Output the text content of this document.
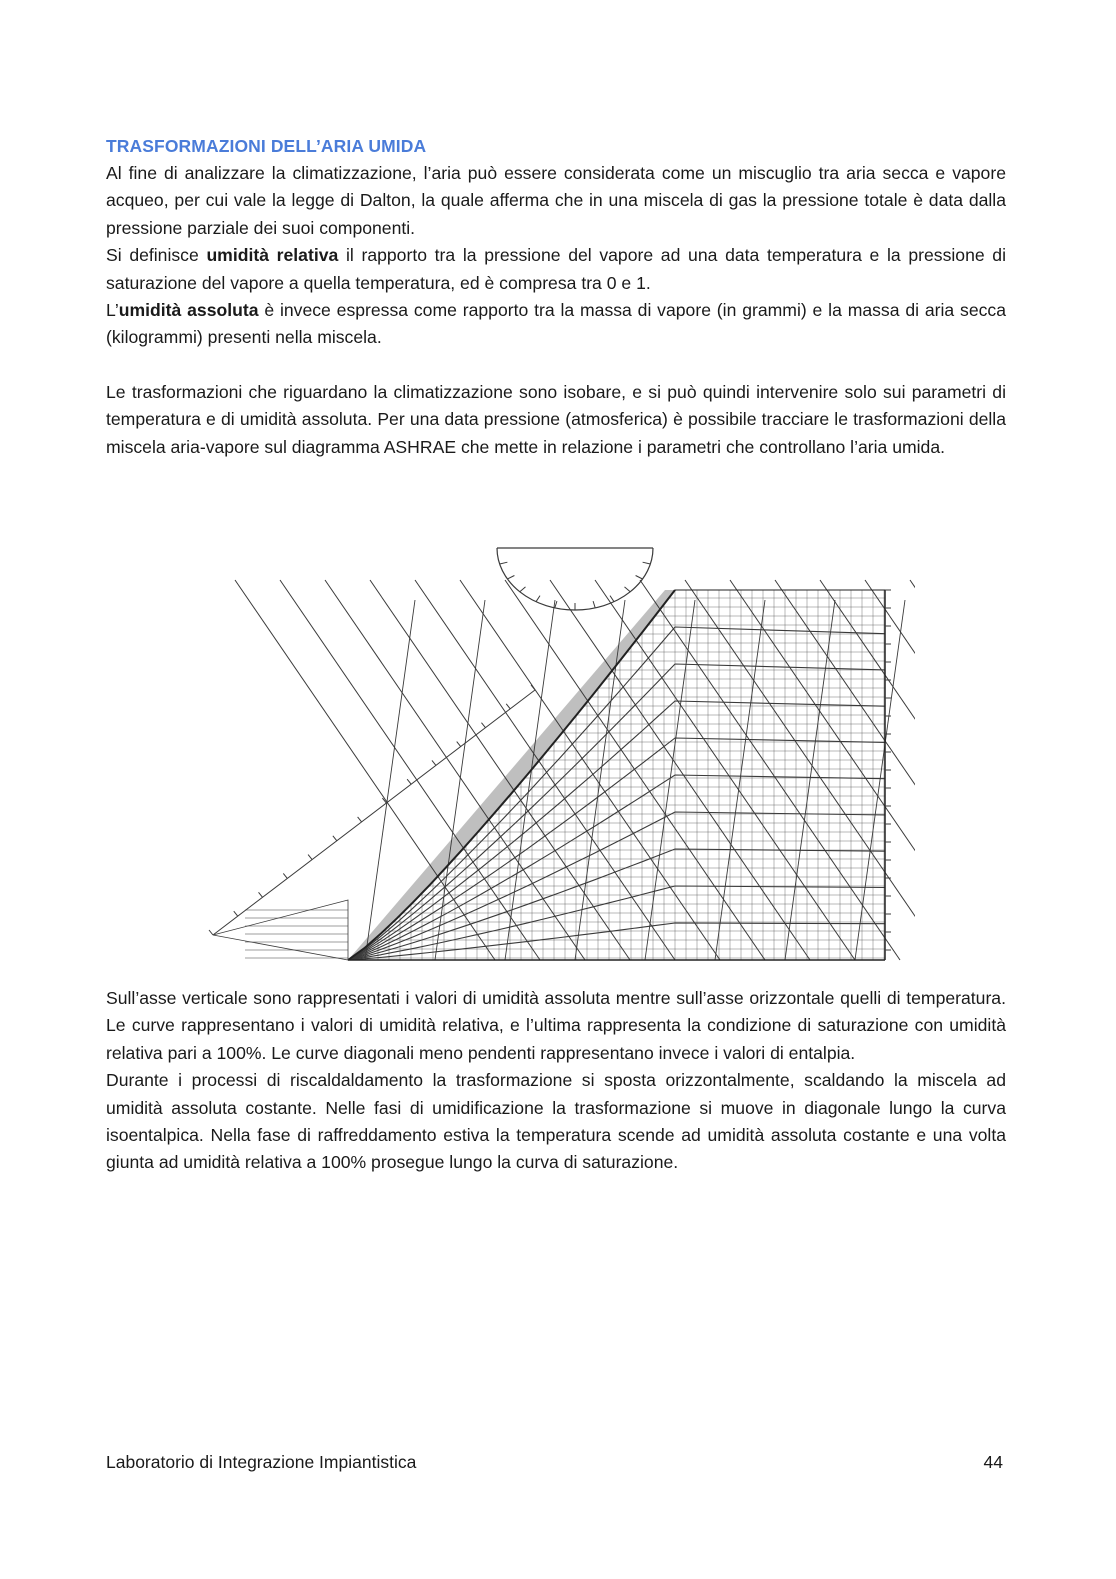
TRASFORMAZIONI DELL’ARIA UMIDA

Al fine di analizzare la climatizzazione, l’aria può essere considerata come un miscuglio tra aria secca e vapore acqueo, per cui vale la legge di Dalton, la quale afferma che in una miscela di gas la pressione totale è data dalla pressione parziale dei suoi componenti.

Si definisce umidità relativa il rapporto tra la pressione del vapore ad una data temperatura e la pressione di saturazione del vapore a quella temperatura, ed è compresa tra 0 e 1.

L’umidità assoluta è invece espressa come rapporto tra la massa di vapore (in grammi) e la massa di aria secca (kilogrammi) presenti nella miscela.

Le trasformazioni che riguardano la climatizzazione sono isobare, e si può quindi intervenire solo sui parametri di temperatura e di umidità assoluta. Per una data pressione (atmosferica) è possibile tracciare le trasformazioni della miscela aria-vapore sul diagramma ASHRAE che mette in relazione i parametri che controllano l’aria umida.

Sull’asse verticale sono rappresentati i valori di umidità assoluta mentre sull’asse orizzontale quelli di temperatura. Le curve rappresentano i valori di umidità relativa, e l’ultima rappresenta la condizione di saturazione con umidità relativa pari a 100%. Le curve diagonali meno pendenti rappresentano invece i valori di entalpia.

Durante i processi di riscaldaldamento la trasformazione si sposta orizzontalmente, scaldando la miscela ad umidità assoluta costante. Nelle fasi di umidificazione la trasformazione si muove in diagonale lungo la curva isoentalpica. Nella fase di raffreddamento estiva la temperatura scende ad umidità assoluta costante e una volta giunta ad umidità relativa a 100% prosegue lungo la curva di saturazione.

Laboratorio di Integrazione Impiantistica	44
